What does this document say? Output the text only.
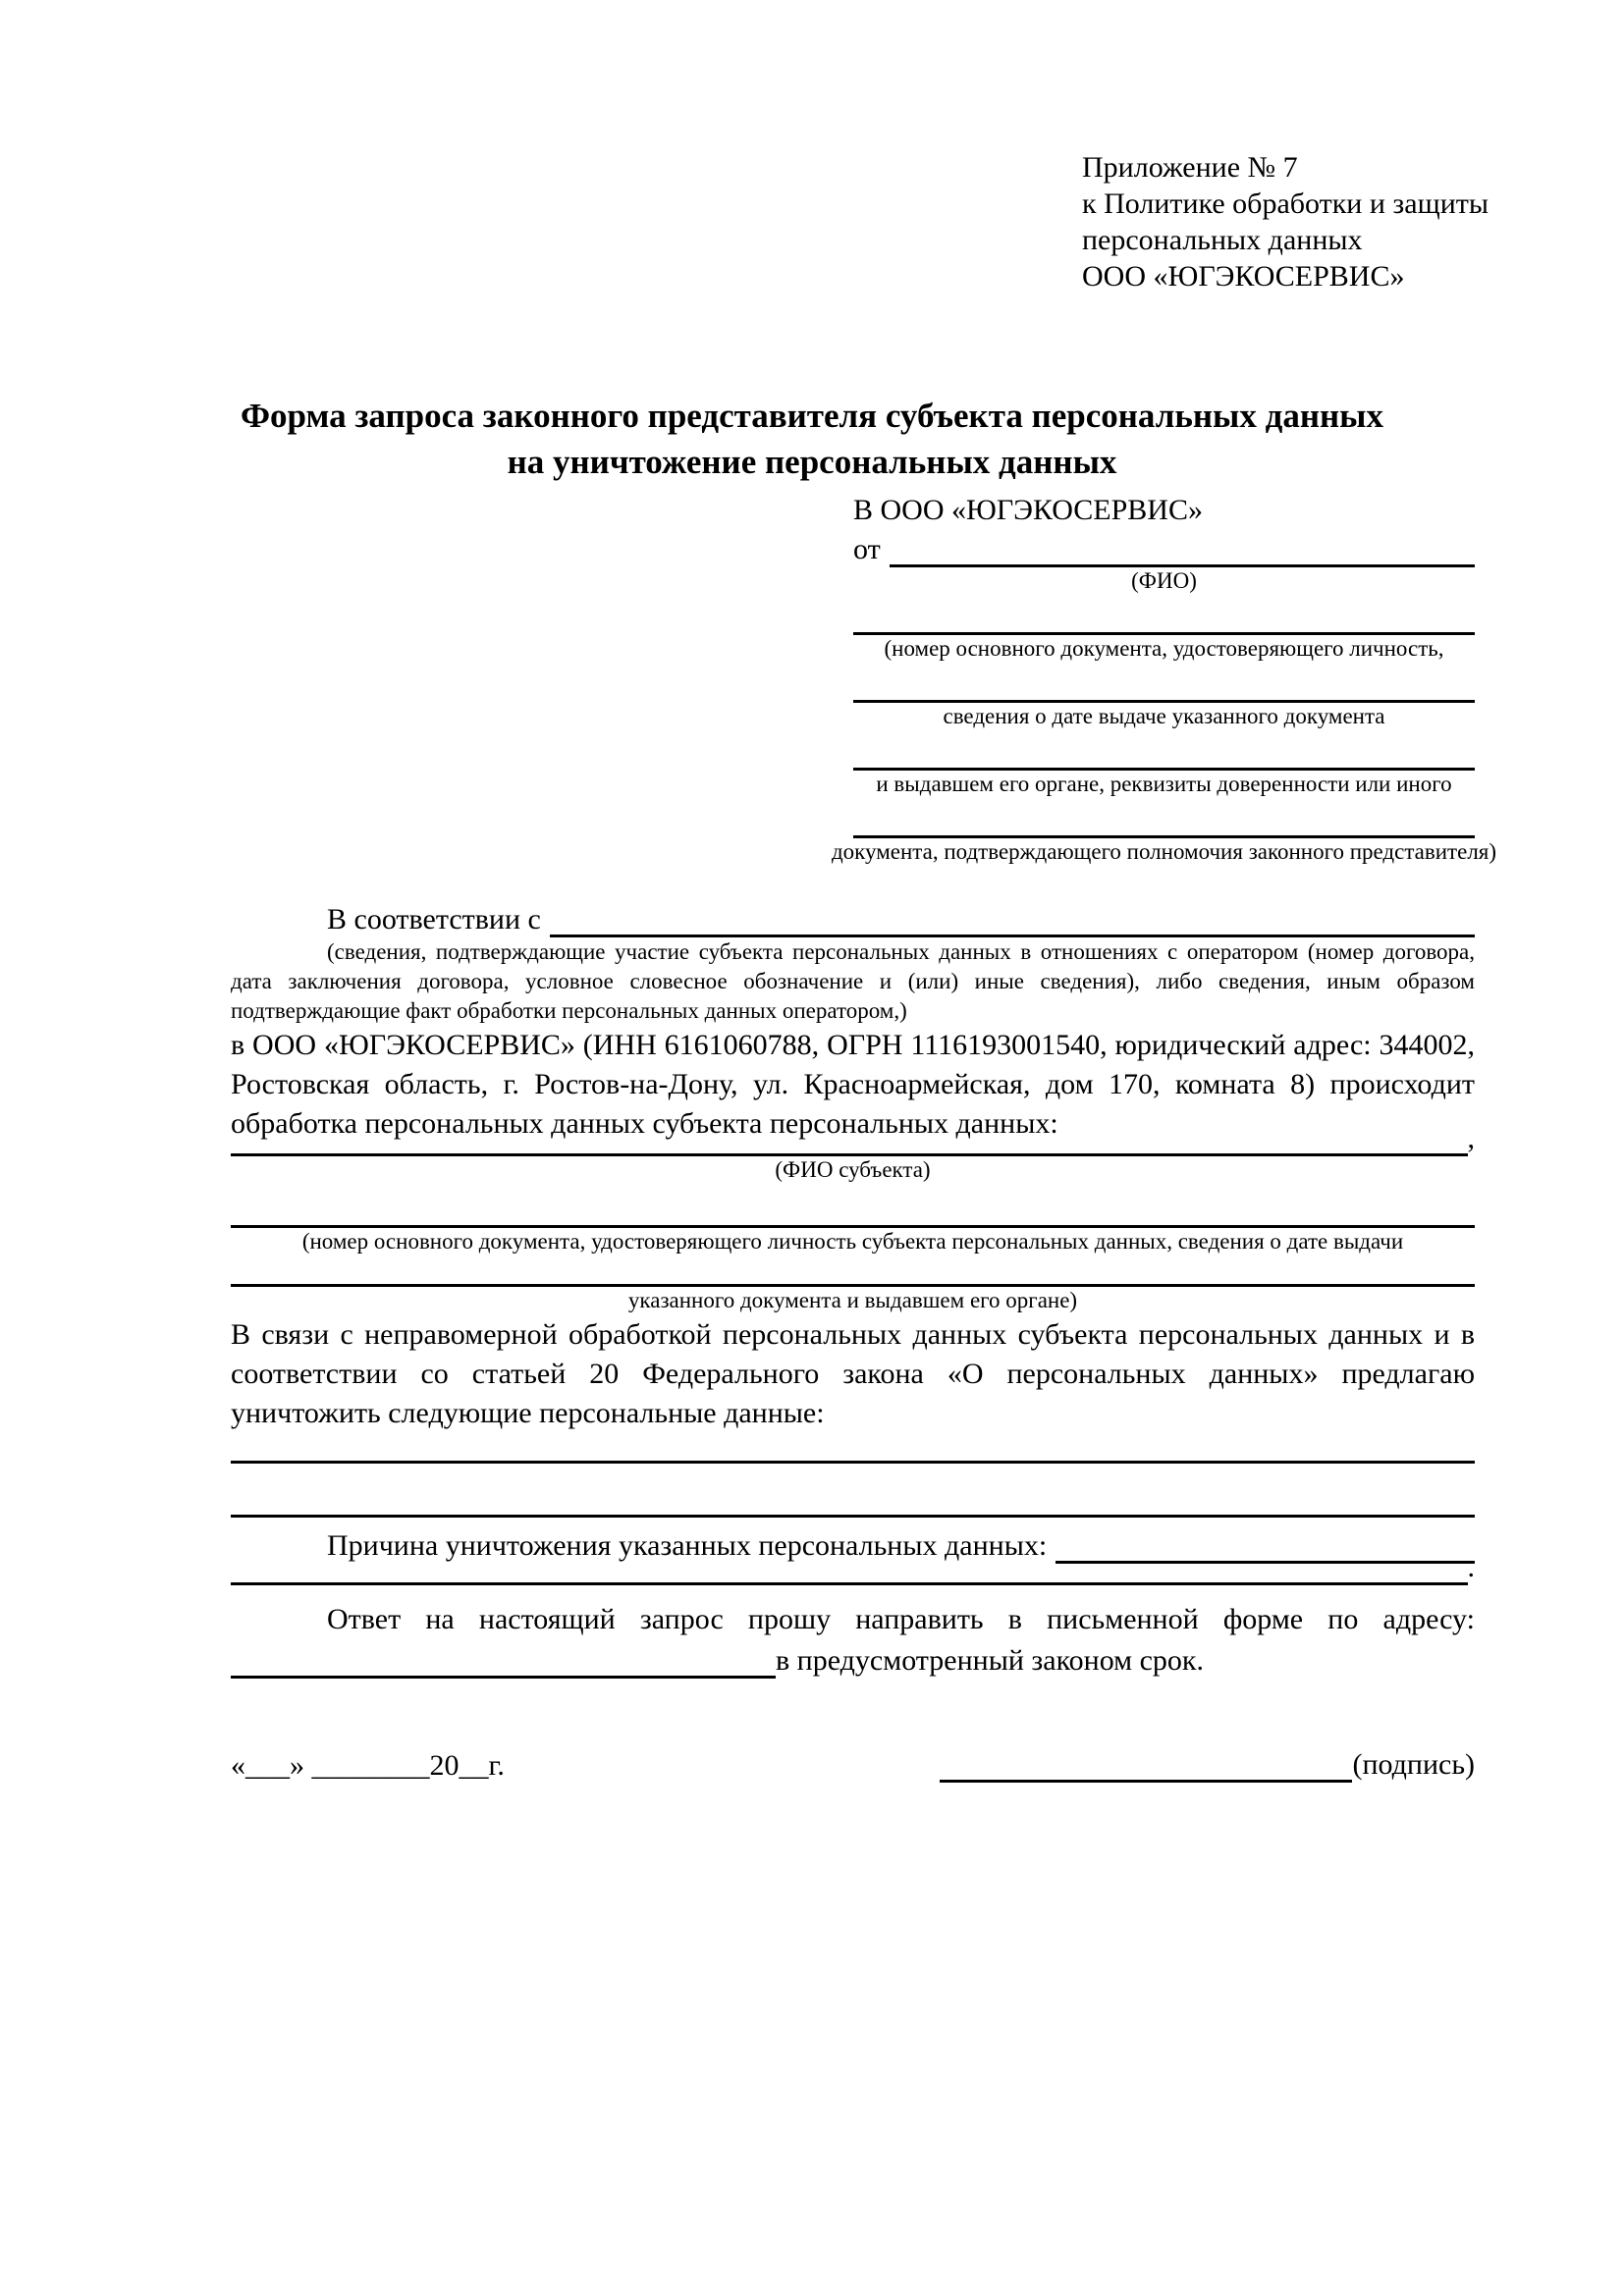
Приложение № 7
к Политике обработки и защиты
персональных данных
ООО «ЮГЭКОСЕРВИС»
Форма запроса законного представителя субъекта персональных данных
на уничтожение персональных данных
В ООО «ЮГЭКОСЕРВИС»
от
(ФИО)
(номер основного документа, удостоверяющего личность,
сведения о дате выдаче указанного документа
и выдавшем его органе, реквизиты доверенности или иного
документа, подтверждающего полномочия законного представителя)
В соответствии с
(сведения, подтверждающие участие субъекта персональных данных в отношениях с оператором (номер договора, дата заключения договора, условное словесное обозначение и (или) иные сведения), либо сведения, иным образом подтверждающие факт обработки персональных данных оператором,)
в ООО «ЮГЭКОСЕРВИС» (ИНН 6161060788, ОГРН 1116193001540, юридический адрес: 344002, Ростовская область, г. Ростов-на-Дону, ул. Красноармейская, дом 170, комната 8) происходит обработка персональных данных субъекта персональных данных:	,
(ФИО субъекта)
(номер основного документа, удостоверяющего личность субъекта персональных данных, сведения о дате выдачи
указанного документа и выдавшем его органе)
В связи с неправомерной обработкой персональных данных субъекта персональных данных и в соответствии со статьей 20 Федерального закона «О персональных данных» предлагаю уничтожить следующие персональные данные:
Причина уничтожения указанных персональных данных:
.
Ответ на настоящий запрос прошу направить в письменной форме по адресу:
в предусмотренный законом срок.
«___» ________20__г.	(подпись)
